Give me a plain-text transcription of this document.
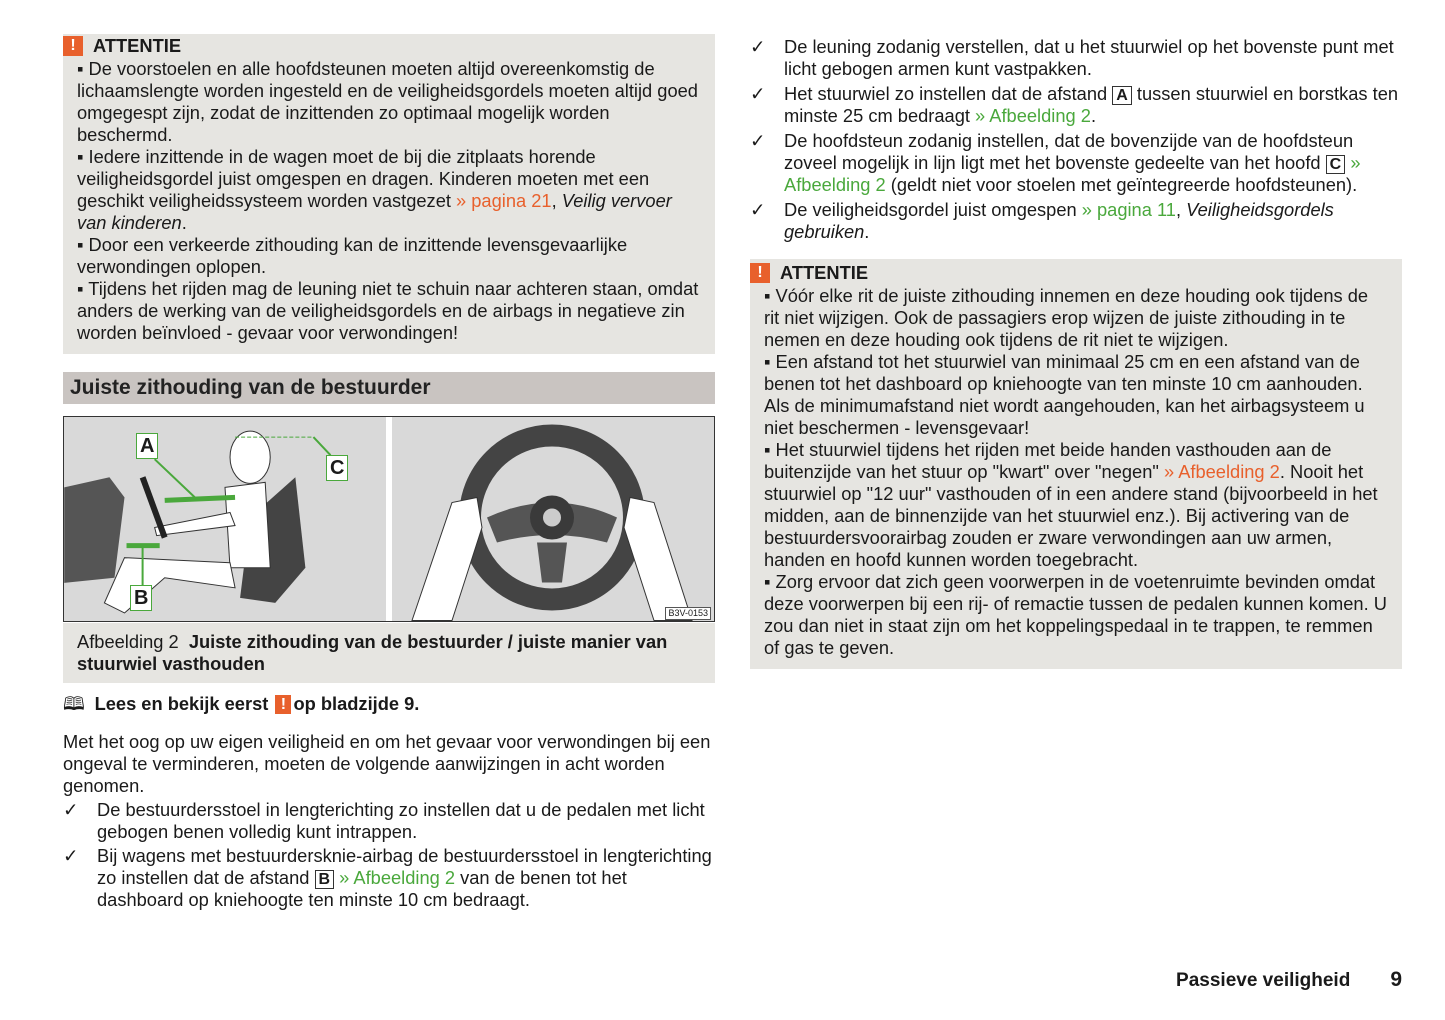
! ATTENTIE
▪ De voorstoelen en alle hoofdsteunen moeten altijd overeenkomstig de lichaamslengte worden ingesteld en de veiligheidsgordels moeten altijd goed omgegespt zijn, zodat de inzittenden zo optimaal mogelijk worden beschermd.
▪ Iedere inzittende in de wagen moet de bij die zitplaats horende veiligheidsgordel juist omgespen en dragen. Kinderen moeten met een geschikt veiligheidssysteem worden vastgezet » pagina 21, Veilig vervoer van kinderen.
▪ Door een verkeerde zithouding kan de inzittende levensgevaarlijke verwondingen oplopen.
▪ Tijdens het rijden mag de leuning niet te schuin naar achteren staan, omdat anders de werking van de veiligheidsgordels en de airbags in negatieve zin worden beïnvloed - gevaar voor verwondingen!
Juiste zithouding van de bestuurder
A
B
C
B3V-0153
Afbeelding 2 Juiste zithouding van de bestuurder / juiste manier van stuurwiel vasthouden
🕮 Lees en bekijk eerst
! op bladzijde 9.
Met het oog op uw eigen veiligheid en om het gevaar voor verwondingen bij een ongeval te verminderen, moeten de volgende aanwijzingen in acht worden genomen.
✓	De bestuurdersstoel in lengterichting zo instellen dat u de pedalen met licht gebogen benen volledig kunt intrappen.
✓	Bij wagens met bestuurdersknie-airbag de bestuurdersstoel in lengterichting zo instellen dat de afstand B » Afbeelding 2 van de benen tot het dashboard op kniehoogte ten minste 10 cm bedraagt.
✓	De leuning zodanig verstellen, dat u het stuurwiel op het bovenste punt met licht gebogen armen kunt vastpakken.
✓	Het stuurwiel zo instellen dat de afstand A tussen stuurwiel en borstkas ten minste 25 cm bedraagt » Afbeelding 2.
✓	De hoofdsteun zodanig instellen, dat de bovenzijde van de hoofdsteun zoveel mogelijk in lijn ligt met het bovenste gedeelte van het hoofd C » Afbeelding 2 (geldt niet voor stoelen met geïntegreerde hoofdsteunen).
✓	De veiligheidsgordel juist omgespen » pagina 11, Veiligheidsgordels gebruiken.
! ATTENTIE
▪ Vóór elke rit de juiste zithouding innemen en deze houding ook tijdens de rit niet wijzigen. Ook de passagiers erop wijzen de juiste zithouding in te nemen en deze houding ook tijdens de rit niet te wijzigen.
▪ Een afstand tot het stuurwiel van minimaal 25 cm en een afstand van de benen tot het dashboard op kniehoogte van ten minste 10 cm aanhouden. Als de minimumafstand niet wordt aangehouden, kan het airbagsysteem u niet beschermen - levensgevaar!
▪ Het stuurwiel tijdens het rijden met beide handen vasthouden aan de buitenzijde van het stuur op "kwart" over "negen" » Afbeelding 2. Nooit het stuurwiel op "12 uur" vasthouden of in een andere stand (bijvoorbeeld in het midden, aan de binnenzijde van het stuurwiel enz.). Bij activering van de bestuurdersvoorairbag zouden er zware verwondingen aan uw armen, handen en hoofd kunnen worden toegebracht.
▪ Zorg ervoor dat zich geen voorwerpen in de voetenruimte bevinden omdat deze voorwerpen bij een rij- of remactie tussen de pedalen kunnen komen. U zou dan niet in staat zijn om het koppelingspedaal in te trappen, te remmen of gas te geven.
Passieve veiligheid 9
